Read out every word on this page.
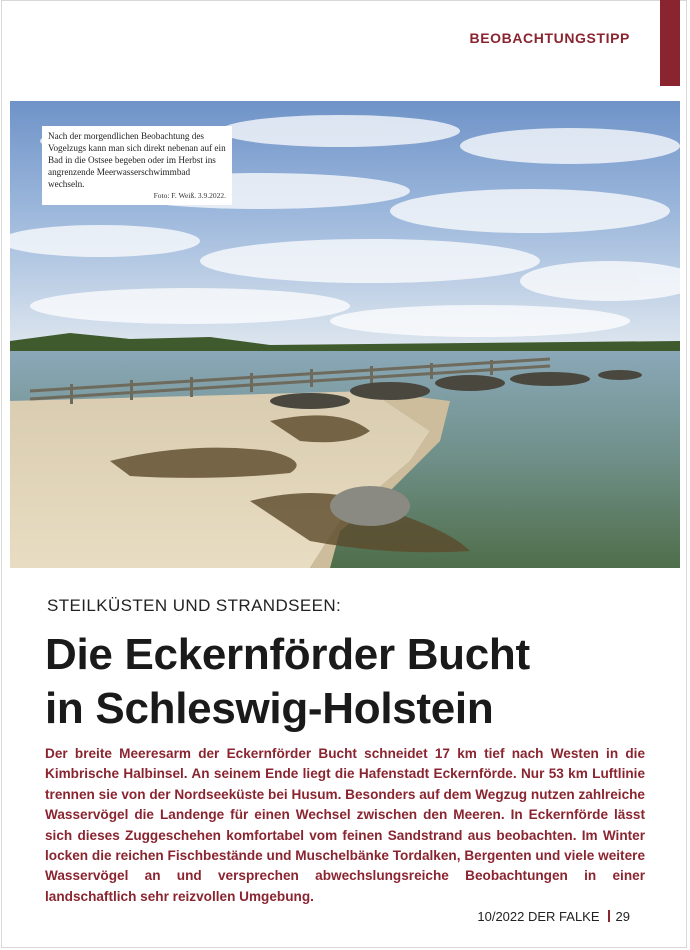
BEOBACHTUNGSTIPP
Nach der morgendlichen Beobachtung des Vogelzugs kann man sich direkt nebenan auf ein Bad in die Ostsee begeben oder im Herbst ins angrenzende Meerwasserschwimmbad wechseln.
Foto: F. Weiß. 3.9.2022.
STEILKÜSTEN UND STRANDSEEN:
Die Eckernförder Bucht
in Schleswig-Holstein
Der breite Meeresarm der Eckernförder Bucht schneidet 17 km tief nach Westen in die Kimbrische Halbinsel. An seinem Ende liegt die Hafenstadt Eckernförde. Nur 53 km Luftlinie trennen sie von der Nordseeküste bei Husum. Besonders auf dem Wegzug nutzen zahlreiche Wasservögel die Landenge für einen Wechsel zwischen den Meeren. In Eckernförde lässt sich dieses Zuggeschehen komfortabel vom feinen Sandstrand aus beobachten. Im Winter locken die reichen Fischbestände und Muschelbänke Tordalken, Bergenten und viele weitere Wasservögel an und versprechen abwechslungsreiche Beobachtungen in einer landschaftlich sehr reizvollen Umgebung.
10/2022 DER FALKE 29
